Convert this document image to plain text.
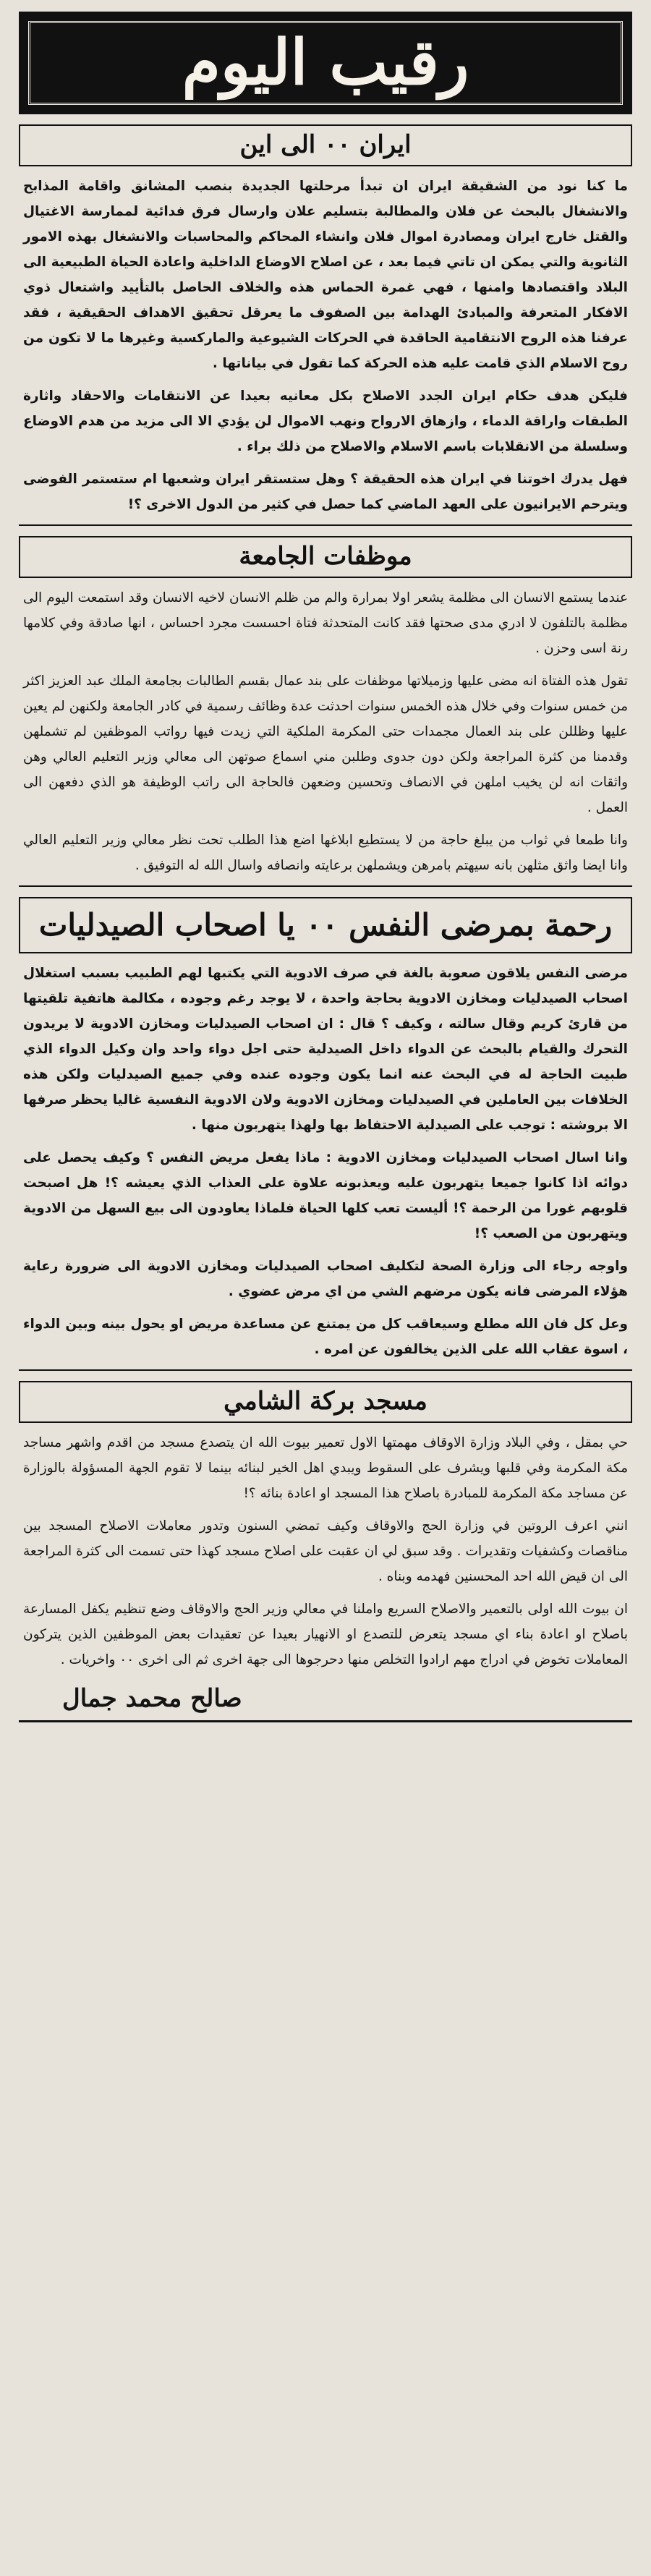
رقيب اليوم
ايران ٠٠ الى اين

ما كنا نود من الشقيقة ايران ان تبدأ مرحلتها الجديدة بنصب المشانق واقامة المذابح والانشغال بالبحث عن فلان والمطالبة بتسليم علان وارسال فرق فدائية لممارسة الاغتيال والقتل خارج ايران ومصادرة اموال فلان وانشاء المحاكم والمحاسبات والانشغال بهذه الامور الثانوية والتي يمكن ان تاتي فيما بعد ، عن اصلاح الاوضاع الداخلية واعادة الحياة الطبيعية الى البلاد واقتصادها وامنها ، فهي غمرة الحماس هذه والخلاف الحاصل بالتأييد واشتعال ذوي الافكار المتعرفة والمبادئ الهدامة بين الصفوف ما يعرقل تحقيق الاهداف الحقيقية ، فقد عرفنا هذه الروح الانتقامية الحاقدة في الحركات الشيوعية والماركسية وغيرها ما لا تكون من روح الاسلام الذي قامت عليه هذه الحركة كما تقول في بياناتها .

فليكن هدف حكام ايران الجدد الاصلاح بكل معانيه بعيدا عن الانتقامات والاحقاد واثارة الطبقات واراقة الدماء ، وازهاق الارواح ونهب الاموال لن يؤدي الا الى مزيد من هدم الاوضاع وسلسلة من الانقلابات باسم الاسلام والاصلاح من ذلك براء .

فهل يدرك اخوتنا في ايران هذه الحقيقة ؟ وهل ستستقر ايران وشعبها ام ستستمر الفوضى ويترحم الايرانيون على العهد الماضي كما حصل في كثير من الدول الاخرى ؟!

موظفات الجامعة

عندما يستمع الانسان الى مظلمة يشعر اولا بمرارة والم من ظلم الانسان لاخيه الانسان وقد استمعت اليوم الى مظلمة بالتلفون لا ادري مدى صحتها فقد كانت المتحدثة فتاة احسست مجرد احساس ، انها صادقة وفي كلامها رنة اسى وحزن .

تقول هذه الفتاة انه مضى عليها وزميلاتها موظفات على بند عمال بقسم الطالبات بجامعة الملك عبد العزيز اكثر من خمس سنوات وفي خلال هذه الخمس سنوات احدثت عدة وظائف رسمية في كادر الجامعة ولكنهن لم يعين عليها وظللن على بند العمال مجمدات حتى المكرمة الملكية التي زيدت فيها رواتب الموظفين لم تشملهن وقدمنا من كثرة المراجعة ولكن دون جدوى وطلبن مني اسماع صوتهن الى معالي وزير التعليم العالي وهن واثقات انه لن يخيب املهن في الانصاف وتحسين وضعهن فالحاجة الى راتب الوظيفة هو الذي دفعهن الى العمل .

وانا طمعا في ثواب من يبلغ حاجة من لا يستطيع ابلاغها اضع هذا الطلب تحت نظر معالي وزير التعليم العالي وانا ايضا واثق مثلهن بانه سيهتم بامرهن ويشملهن برعايته وانصافه واسال الله له التوفيق .

رحمة بمرضى النفس ٠٠ يا اصحاب الصيدليات

مرضى النفس يلاقون صعوبة بالغة في صرف الادوية التي يكتبها لهم الطبيب بسبب استغلال اصحاب الصيدليات ومخازن الادوية بحاجة واحدة ، لا يوجد رغم وجوده ، مكالمة هاتفية تلقيتها من قارئ كريم وقال سالته ، وكيف ؟ قال : ان اصحاب الصيدليات ومخازن الادوية لا يريدون التحرك والقيام بالبحث عن الدواء داخل الصيدلية حتى اجل دواء واحد وان وكيل الدواء الذي طبيت الحاجة له في البحث عنه انما يكون وجوده عنده وفي جميع الصيدليات ولكن هذه الخلافات بين العاملين في الصيدليات ومخازن الادوية ولان الادوية النفسية غاليا يحظر صرفها الا بروشته : توجب على الصيدلية الاحتفاظ بها ولهذا يتهربون منها .

وانا اسال اصحاب الصيدليات ومخازن الادوية : ماذا يفعل مريض النفس ؟ وكيف يحصل على دوائه اذا كانوا جميعا يتهربون عليه ويعذبونه علاوة على العذاب الذي يعيشه ؟! هل اصبحت قلوبهم غورا من الرحمة ؟! أليست تعب كلها الحياة فلماذا يعاودون الى بيع السهل من الادوية ويتهربون من الصعب ؟!

واوجه رجاء الى وزارة الصحة لتكليف اصحاب الصيدليات ومخازن الادوية الى ضرورة رعاية هؤلاء المرضى فانه يكون مرضهم الشي من اي مرض عضوي .

وعل كل فان الله مطلع وسيعاقب كل من يمتنع عن مساعدة مريض او يحول بينه وبين الدواء ، اسوة عقاب الله على الذين يخالفون عن امره .

مسجد بركة الشامي

حي بمقل ، وفي البلاد وزارة الاوقاف مهمتها الاول تعمير بيوت الله ان يتصدع مسجد من اقدم واشهر مساجد مكة المكرمة وفي قلبها ويشرف على السقوط ويبدي اهل الخير لبنائه بينما لا تقوم الجهة المسؤولة بالوزارة عن مساجد مكة المكرمة للمبادرة باصلاح هذا المسجد او اعادة بنائه ؟!

انني اعرف الروتين في وزارة الحج والاوقاف وكيف تمضي السنون وتدور معاملات الاصلاح المسجد بين مناقصات وكشفيات وتقديرات . وقد سبق لي ان عقبت على اصلاح مسجد كهذا حتى تسمت الى كثرة المراجعة الى ان قيض الله احد المحسنين فهدمه وبناه .

ان بيوت الله اولى بالتعمير والاصلاح السريع واملنا في معالي وزير الحج والاوقاف وضع تنظيم يكفل المسارعة باصلاح او اعادة بناء اي مسجد يتعرض للتصدع او الانهيار بعيدا عن تعقيدات بعض الموظفين الذين يتركون المعاملات تخوض في ادراج مهم ارادوا التخلص منها دحرجوها الى جهة اخرى ثم الى اخرى ٠٠ واخريات .

صالح محمد جمال
